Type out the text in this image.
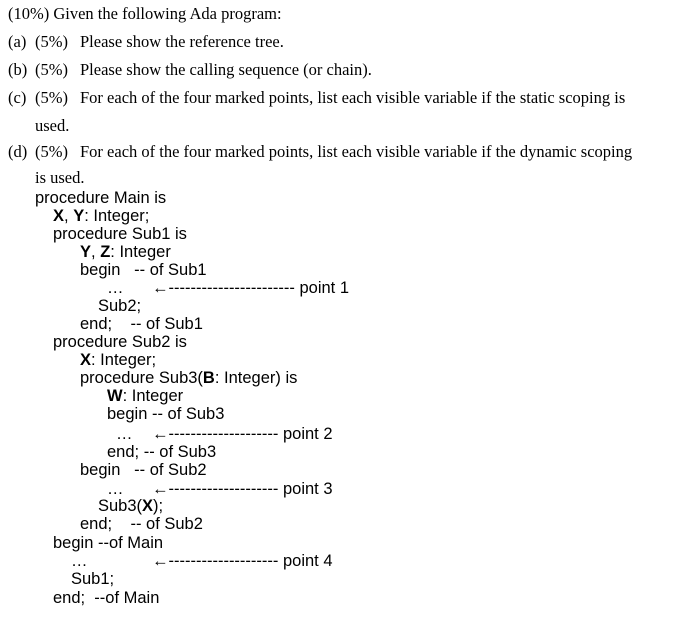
(10%) Given the following Ada program:
(a) (5%) Please show the reference tree.
(b) (5%) Please show the calling sequence (or chain).
(c) (5%) For each of the four marked points, list each visible variable if the static scoping is
used.
(d) (5%) For each of the four marked points, list each visible variable if the dynamic scoping
is used.
procedure Main is
X, Y: Integer;
procedure Sub1 is
Y, Z: Integer
begin   -- of Sub1
… ←----------------------- point 1
Sub2;
end;    -- of Sub1
procedure Sub2 is
X: Integer;
procedure Sub3(B: Integer) is
W: Integer
begin -- of Sub3
… ←-------------------- point 2
end; -- of Sub3
begin   -- of Sub2
… ←-------------------- point 3
Sub3(X);
end;    -- of Sub2
begin --of Main
…	←-------------------- point 4
Sub1;
end;  --of Main
